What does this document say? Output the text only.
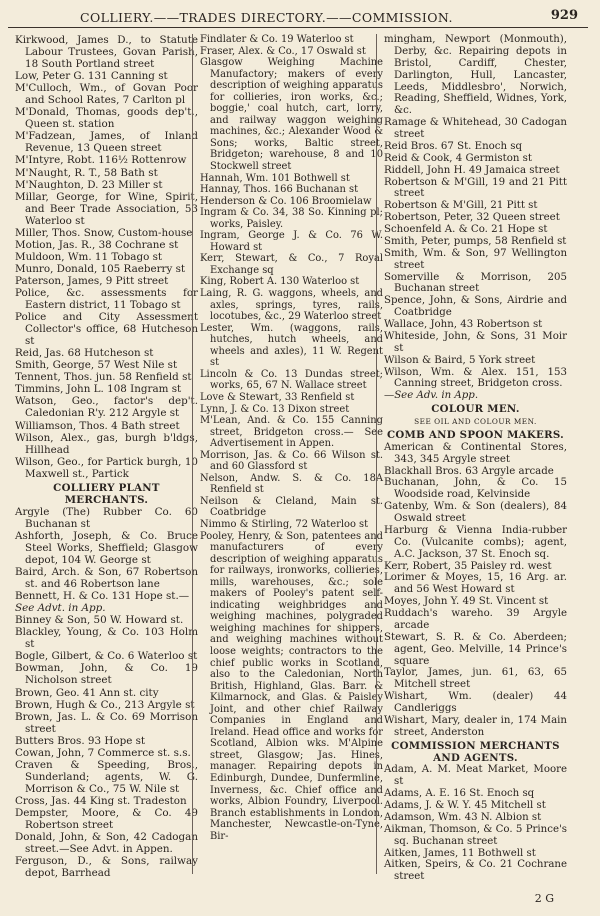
COLLIERY.——TRADES DIRECTORY.——COMMISSION.	929
Kirkwood, James D., to Statute Labour Trustees, Govan Parish, 18 South Portland street
Low, Peter G. 131 Canning st
M'Culloch, Wm., of Govan Poor and School Rates, 7 Carlton pl
M'Donald, Thomas, goods dep't., Queen st. station
M'Fadzean, James, of Inland Revenue, 13 Queen street
M'Intyre, Robt. 116½ Rottenrow
M'Naught, R. T., 58 Bath st
M'Naughton, D. 23 Miller st
Millar, George, for Wine, Spirit, and Beer Trade Association, 53 Waterloo st
Miller, Thos. Snow, Custom-house
Motion, Jas. R., 38 Cochrane st
Muldoon, Wm. 11 Tobago st
Munro, Donald, 105 Raeberry st
Paterson, James, 9 Pitt street
Police, &c. assessments for Eastern district, 11 Tobago st
Police and City Assessment Collector's office, 68 Hutcheson st
Reid, Jas. 68 Hutcheson st
Smith, George, 57 West Nile st
Tennent, Thos. jun. 58 Renfield st
Timmins, John L. 108 Ingram st
Watson, Geo., factor's dep't. Caledonian R'y. 212 Argyle st
Williamson, Thos. 4 Bath street
Wilson, Alex., gas, burgh b'ldgs, Hillhead
Wilson, Geo., for Partick burgh, 10 Maxwell st., Partick
COLLIERY PLANT MERCHANTS.
Argyle (The) Rubber Co. 60 Buchanan st
Ashforth, Joseph, & Co. Bruce Steel Works, Sheffield; Glasgow depot, 104 W. George st
Baird, Arch. & Son, 67 Robertson st. and 46 Robertson lane
Bennett, H. & Co. 131 Hope st.—
See Advt. in App.
Binney & Son, 50 W. Howard st.
Blackley, Young, & Co. 103 Holm st
Bogle, Gilbert, & Co. 6 Waterloo st
Bowman, John, & Co. 19 Nicholson street
Brown, Geo. 41 Ann st. city
Brown, Hugh & Co., 213 Argyle st
Brown, Jas. L. & Co. 69 Morrison street
Butters Bros. 93 Hope st
Cowan, John, 7 Commerce st. s.s.
Craven & Speeding, Bros., Sunderland; agents, W. G. Morrison & Co., 75 W. Nile st
Cross, Jas. 44 King st. Tradeston
Dempster, Moore, & Co. 49 Robertson street
Donald, John, & Son, 42 Cadogan street.—See Advt. in Appen.
Ferguson, D., & Sons, railway depot, Barrhead
Findlater & Co. 19 Waterloo st
Fraser, Alex. & Co., 17 Oswald st
Glasgow Weighing Machine Manufactory; makers of every description of weighing apparatus for collieries, iron works, &c.; boggie,' coal hutch, cart, lorry, and railway waggon weighing machines, &c.; Alexander Wood & Sons; works, Baltic street, Bridgeton; warehouse, 8 and 10 Stockwell street
Hannah, Wm. 101 Bothwell st
Hannay, Thos. 166 Buchanan st
Henderson & Co. 106 Broomielaw
Ingram & Co. 34, 38 So. Kinning pl; works, Paisley.
Ingram, George J. & Co. 76 W. Howard st
Kerr, Stewart, & Co., 7 Royal Exchange sq
King, Robert A. 130 Waterloo st
Laing, R. G. waggons, wheels, and axles, springs, tyres, rails, locotubes, &c., 29 Waterloo street
Lester, Wm. (waggons, rails, hutches, hutch wheels, and wheels and axles), 11 W. Regent st
Lincoln & Co. 13 Dundas street; works, 65, 67 N. Wallace street
Love & Stewart, 33 Renfield st
Lynn, J. & Co. 13 Dixon street
M'Lean, And. & Co. 155 Canning street, Bridgeton cross.— See Advertisement in Appen.
Morrison, Jas. & Co. 66 Wilson st. and 60 Glassford st
Nelson, Andw. S. & Co. 18A Renfield st
Neilson & Cleland, Main st. Coatbridge
Nimmo & Stirling, 72 Waterloo st
Pooley, Henry, & Son, patentees and manufacturers of every description of weighing apparatus for railways, ironworks, collieries, mills, warehouses, &c.; sole makers of Pooley's patent self-indicating weighbridges and weighing machines, polygraded weighing machines for shippers, and weighing machines without loose weights; contractors to the chief public works in Scotland, also to the Caledonian, North British, Highland, Glas. Barr. & Kilmarnock, and Glas. & Paisley Joint, and other chief Railway Companies in England and Ireland. Head office and works for Scotland, Albion wks. M'Alpine street, Glasgow; Jas. Hines, manager. Repairing depots in Edinburgh, Dundee, Dunfermline, Inverness, &c. Chief office and works, Albion Foundry, Liverpool. Branch establishments in London, Manchester, Newcastle-on-Tyne, Bir-
mingham, Newport (Monmouth), Derby, &c. Repairing depots in Bristol, Cardiff, Chester, Darlington, Hull, Lancaster, Leeds, Middlesbro', Norwich, Reading, Sheffield, Widnes, York, &c.
Ramage & Whitehead, 30 Cadogan street
Reid Bros. 67 St. Enoch sq
Reid & Cook, 4 Germiston st
Riddell, John H. 49 Jamaica street
Robertson & M'Gill, 19 and 21 Pitt street
Robertson & M'Gill, 21 Pitt st
Robertson, Peter, 32 Queen street
Schoenfeld A. & Co. 21 Hope st
Smith, Peter, pumps, 58 Renfield st
Smith, Wm. & Son, 97 Wellington street
Somerville & Morrison, 205 Buchanan street
Spence, John, & Sons, Airdrie and Coatbridge
Wallace, John, 43 Robertson st
Whiteside, John, & Sons, 31 Moir st
Wilson & Baird, 5 York street
Wilson, Wm. & Alex. 151, 153 Canning street, Bridgeton cross.
—See Adv. in App.
COLOUR MEN.
SEE OIL AND COLOUR MEN.
COMB AND SPOON MAKERS.
American & Continental Stores, 343, 345 Argyle street
Blackhall Bros. 63 Argyle arcade
Buchanan, John, & Co. 15 Woodside road, Kelvinside
Gatenby, Wm. & Son (dealers), 84 Oswald street
Harburg & Vienna India-rubber Co. (Vulcanite combs); agent, A.C. Jackson, 37 St. Enoch sq.
Kerr, Robert, 35 Paisley rd. west
Lorimer & Moyes, 15, 16 Arg. ar. and 56 West Howard st
Moyes, John Y. 49 St. Vincent st
Ruddach's wareho. 39 Argyle arcade
Stewart, S. R. & Co. Aberdeen; agent, Geo. Melville, 14 Prince's square
Taylor, James, jun. 61, 63, 65 Mitchell street
Wishart, Wm. (dealer) 44 Candleriggs
Wishart, Mary, dealer in, 174 Main street, Anderston
COMMISSION MERCHANTS AND AGENTS.
Adam, A. M. Meat Market, Moore st
Adams, A. E. 16 St. Enoch sq
Adams, J. & W. Y. 45 Mitchell st
Adamson, Wm. 43 N. Albion st
Aikman, Thomson, & Co. 5 Prince's sq. Buchanan street
Aitken, James, 11 Bothwell st
Aitken, Speirs, & Co. 21 Cochrane street
2 G
